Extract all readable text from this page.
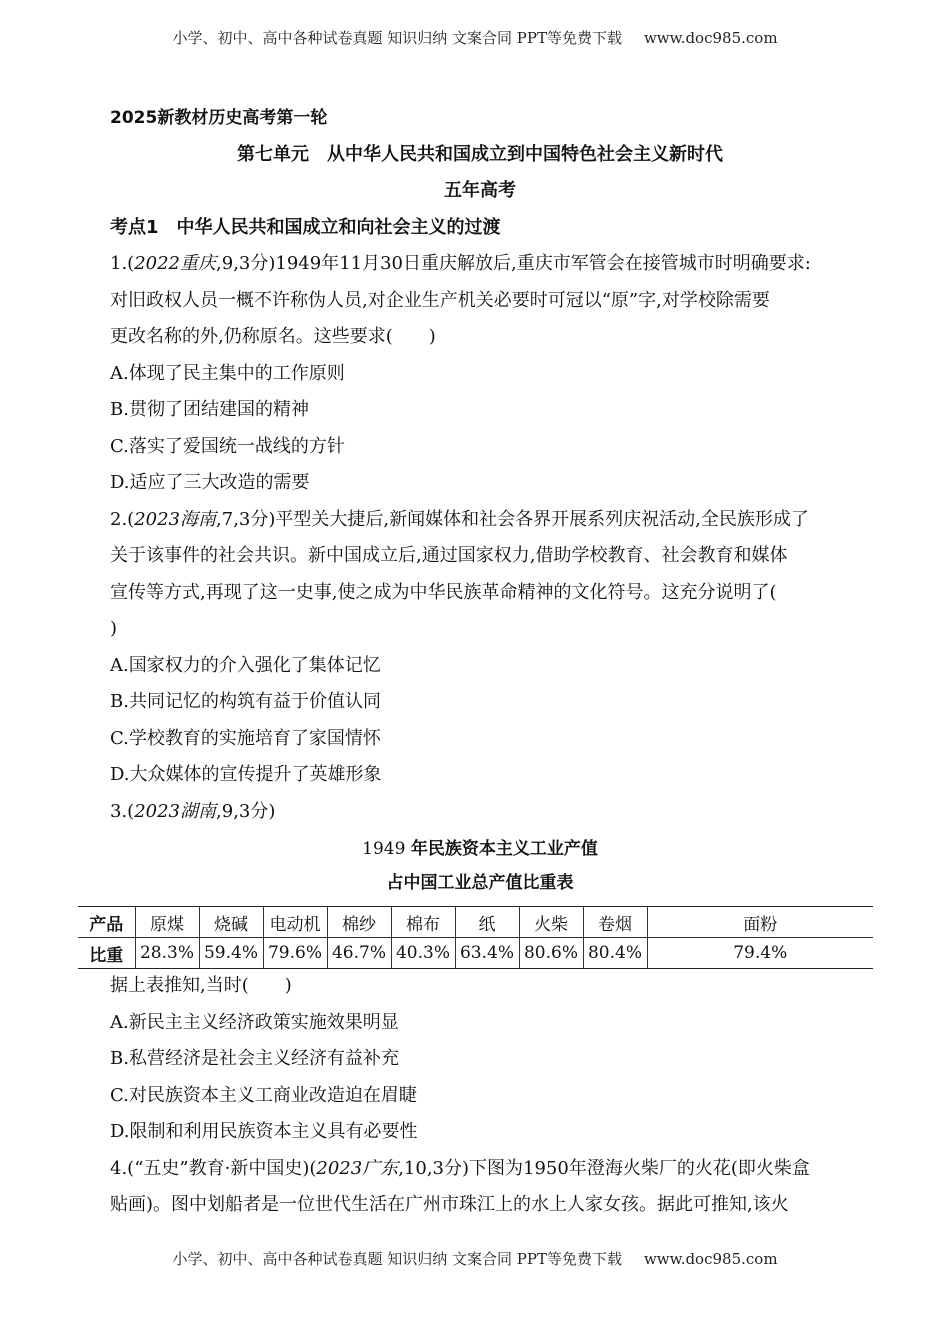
小学、初中、高中各种试卷真题 知识归纳 文案合同 PPT等免费下载 www.doc985.com
2025新教材历史高考第一轮
第七单元　从中华人民共和国成立到中国特色社会主义新时代
五年高考
考点1　 中华人民共和国成立和向社会主义的过渡
1.(2022重庆,9,3分)1949年11月30日重庆解放后,重庆市军管会在接管城市时明确要求:
对旧政权人员一概不许称伪人员,对企业生产机关必要时可冠以“原”字,对学校除需要
更改名称的外,仍称原名。这些要求(　　)
A.体现了民主集中的工作原则
B.贯彻了团结建国的精神
C.落实了爱国统一战线的方针
D.适应了三大改造的需要
2.(2023海南,7,3分)平型关大捷后,新闻媒体和社会各界开展系列庆祝活动,全民族形成了
关于该事件的社会共识。新中国成立后,通过国家权力,借助学校教育、社会教育和媒体
宣传等方式,再现了这一史事,使之成为中华民族革命精神的文化符号。这充分说明了(
)
A.国家权力的介入强化了集体记忆
B.共同记忆的构筑有益于价值认同
C.学校教育的实施培育了家国情怀
D.大众媒体的宣传提升了英雄形象
3.(2023湖南,9,3分)
1949 年民族资本主义工业产值
占中国工业总产值比重表
产品	原煤	烧碱	电动机	棉纱	棉布	纸	火柴	卷烟	面粉
比重	28.3%	59.4%	79.6%	46.7%	40.3%	63.4%	80.6%	80.4%	79.4%
据上表推知,当时(　　)
A.新民主主义经济政策实施效果明显
B.私营经济是社会主义经济有益补充
C.对民族资本主义工商业改造迫在眉睫
D.限制和利用民族资本主义具有必要性
4.(“五史”教育·新中国史)(2023广东,10,3分)下图为1950年澄海火柴厂的火花(即火柴盒
贴画)。图中划船者是一位世代生活在广州市珠江上的水上人家女孩。据此可推知,该火
小学、初中、高中各种试卷真题 知识归纳 文案合同 PPT等免费下载 www.doc985.com
